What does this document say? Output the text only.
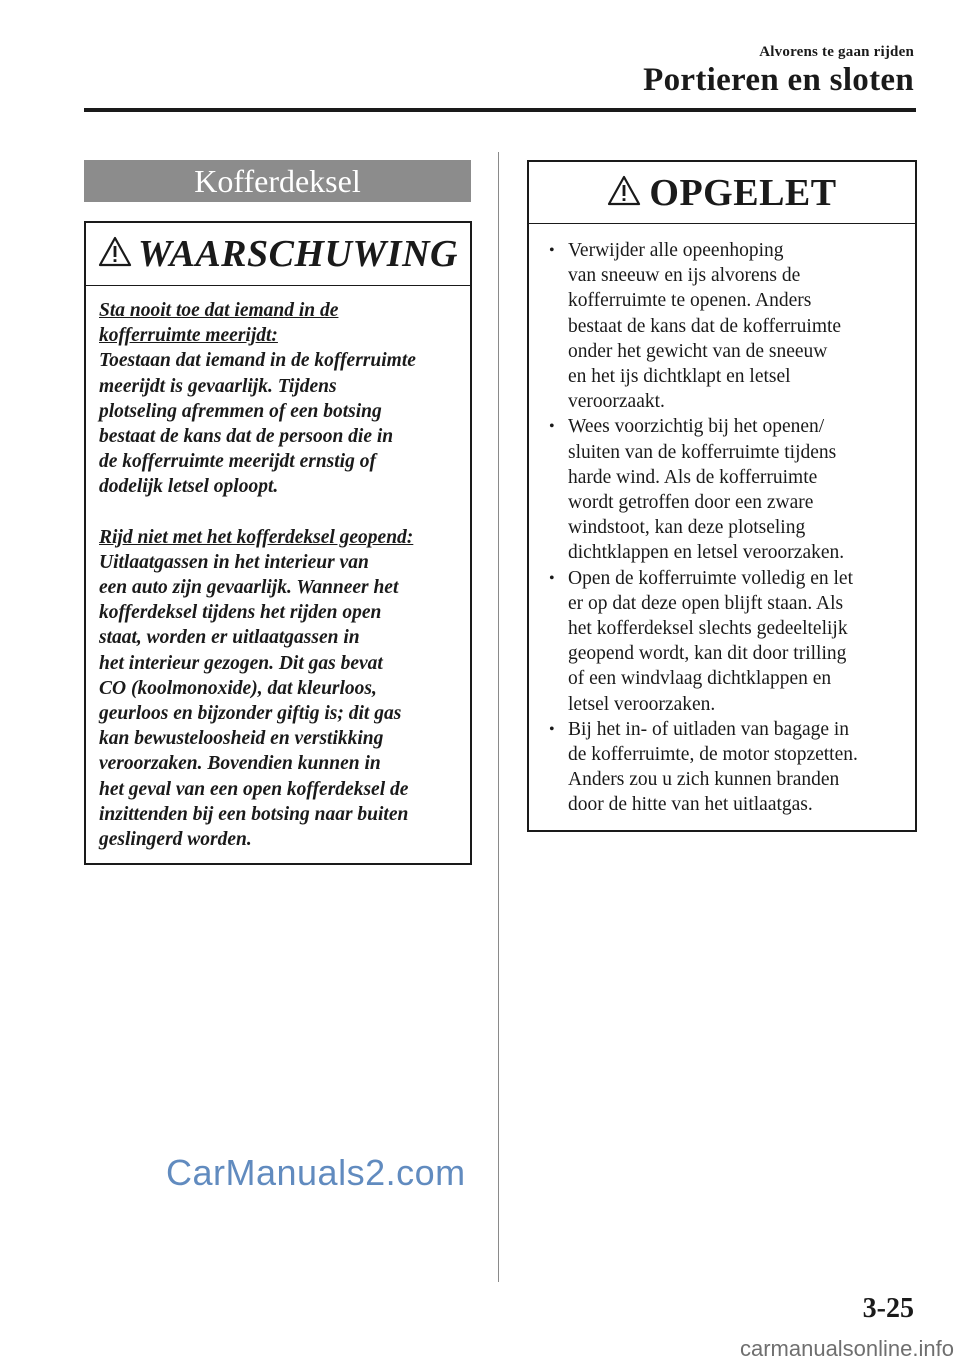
Alvorens te gaan rijden
Portieren en sloten
Kofferdeksel
WAARSCHUWING

Sta nooit toe dat iemand in de
kofferruimte meerijdt:

Toestaan dat iemand in de kofferruimte
meerijdt is gevaarlijk. Tijdens
plotseling afremmen of een botsing
bestaat de kans dat de persoon die in
de kofferruimte meerijdt ernstig of
dodelijk letsel oploopt.

Rijd niet met het kofferdeksel geopend:

Uitlaatgassen in het interieur van
een auto zijn gevaarlijk. Wanneer het
kofferdeksel tijdens het rijden open
staat, worden er uitlaatgassen in
het interieur gezogen. Dit gas bevat
CO (koolmonoxide), dat kleurloos,
geurloos en bijzonder giftig is; dit gas
kan bewusteloosheid en verstikking
veroorzaken. Bovendien kunnen in
het geval van een open kofferdeksel de
inzittenden bij een botsing naar buiten
geslingerd worden.

OPGELET
• Verwijder alle opeenhoping
van sneeuw en ijs alvorens de
kofferruimte te openen. Anders
bestaat de kans dat de kofferruimte
onder het gewicht van de sneeuw
en het ijs dichtklapt en letsel
veroorzaakt.
• Wees voorzichtig bij het openen/
sluiten van de kofferruimte tijdens
harde wind. Als de kofferruimte
wordt getroffen door een zware
windstoot, kan deze plotseling
dichtklappen en letsel veroorzaken.
• Open de kofferruimte volledig en let
er op dat deze open blijft staan. Als
het kofferdeksel slechts gedeeltelijk
geopend wordt, kan dit door trilling
of een windvlaag dichtklappen en
letsel veroorzaken.
• Bij het in- of uitladen van bagage in
de kofferruimte, de motor stopzetten.
Anders zou u zich kunnen branden
door de hitte van het uitlaatgas.
CarManuals2.com
3-25
carmanualsonline.info
